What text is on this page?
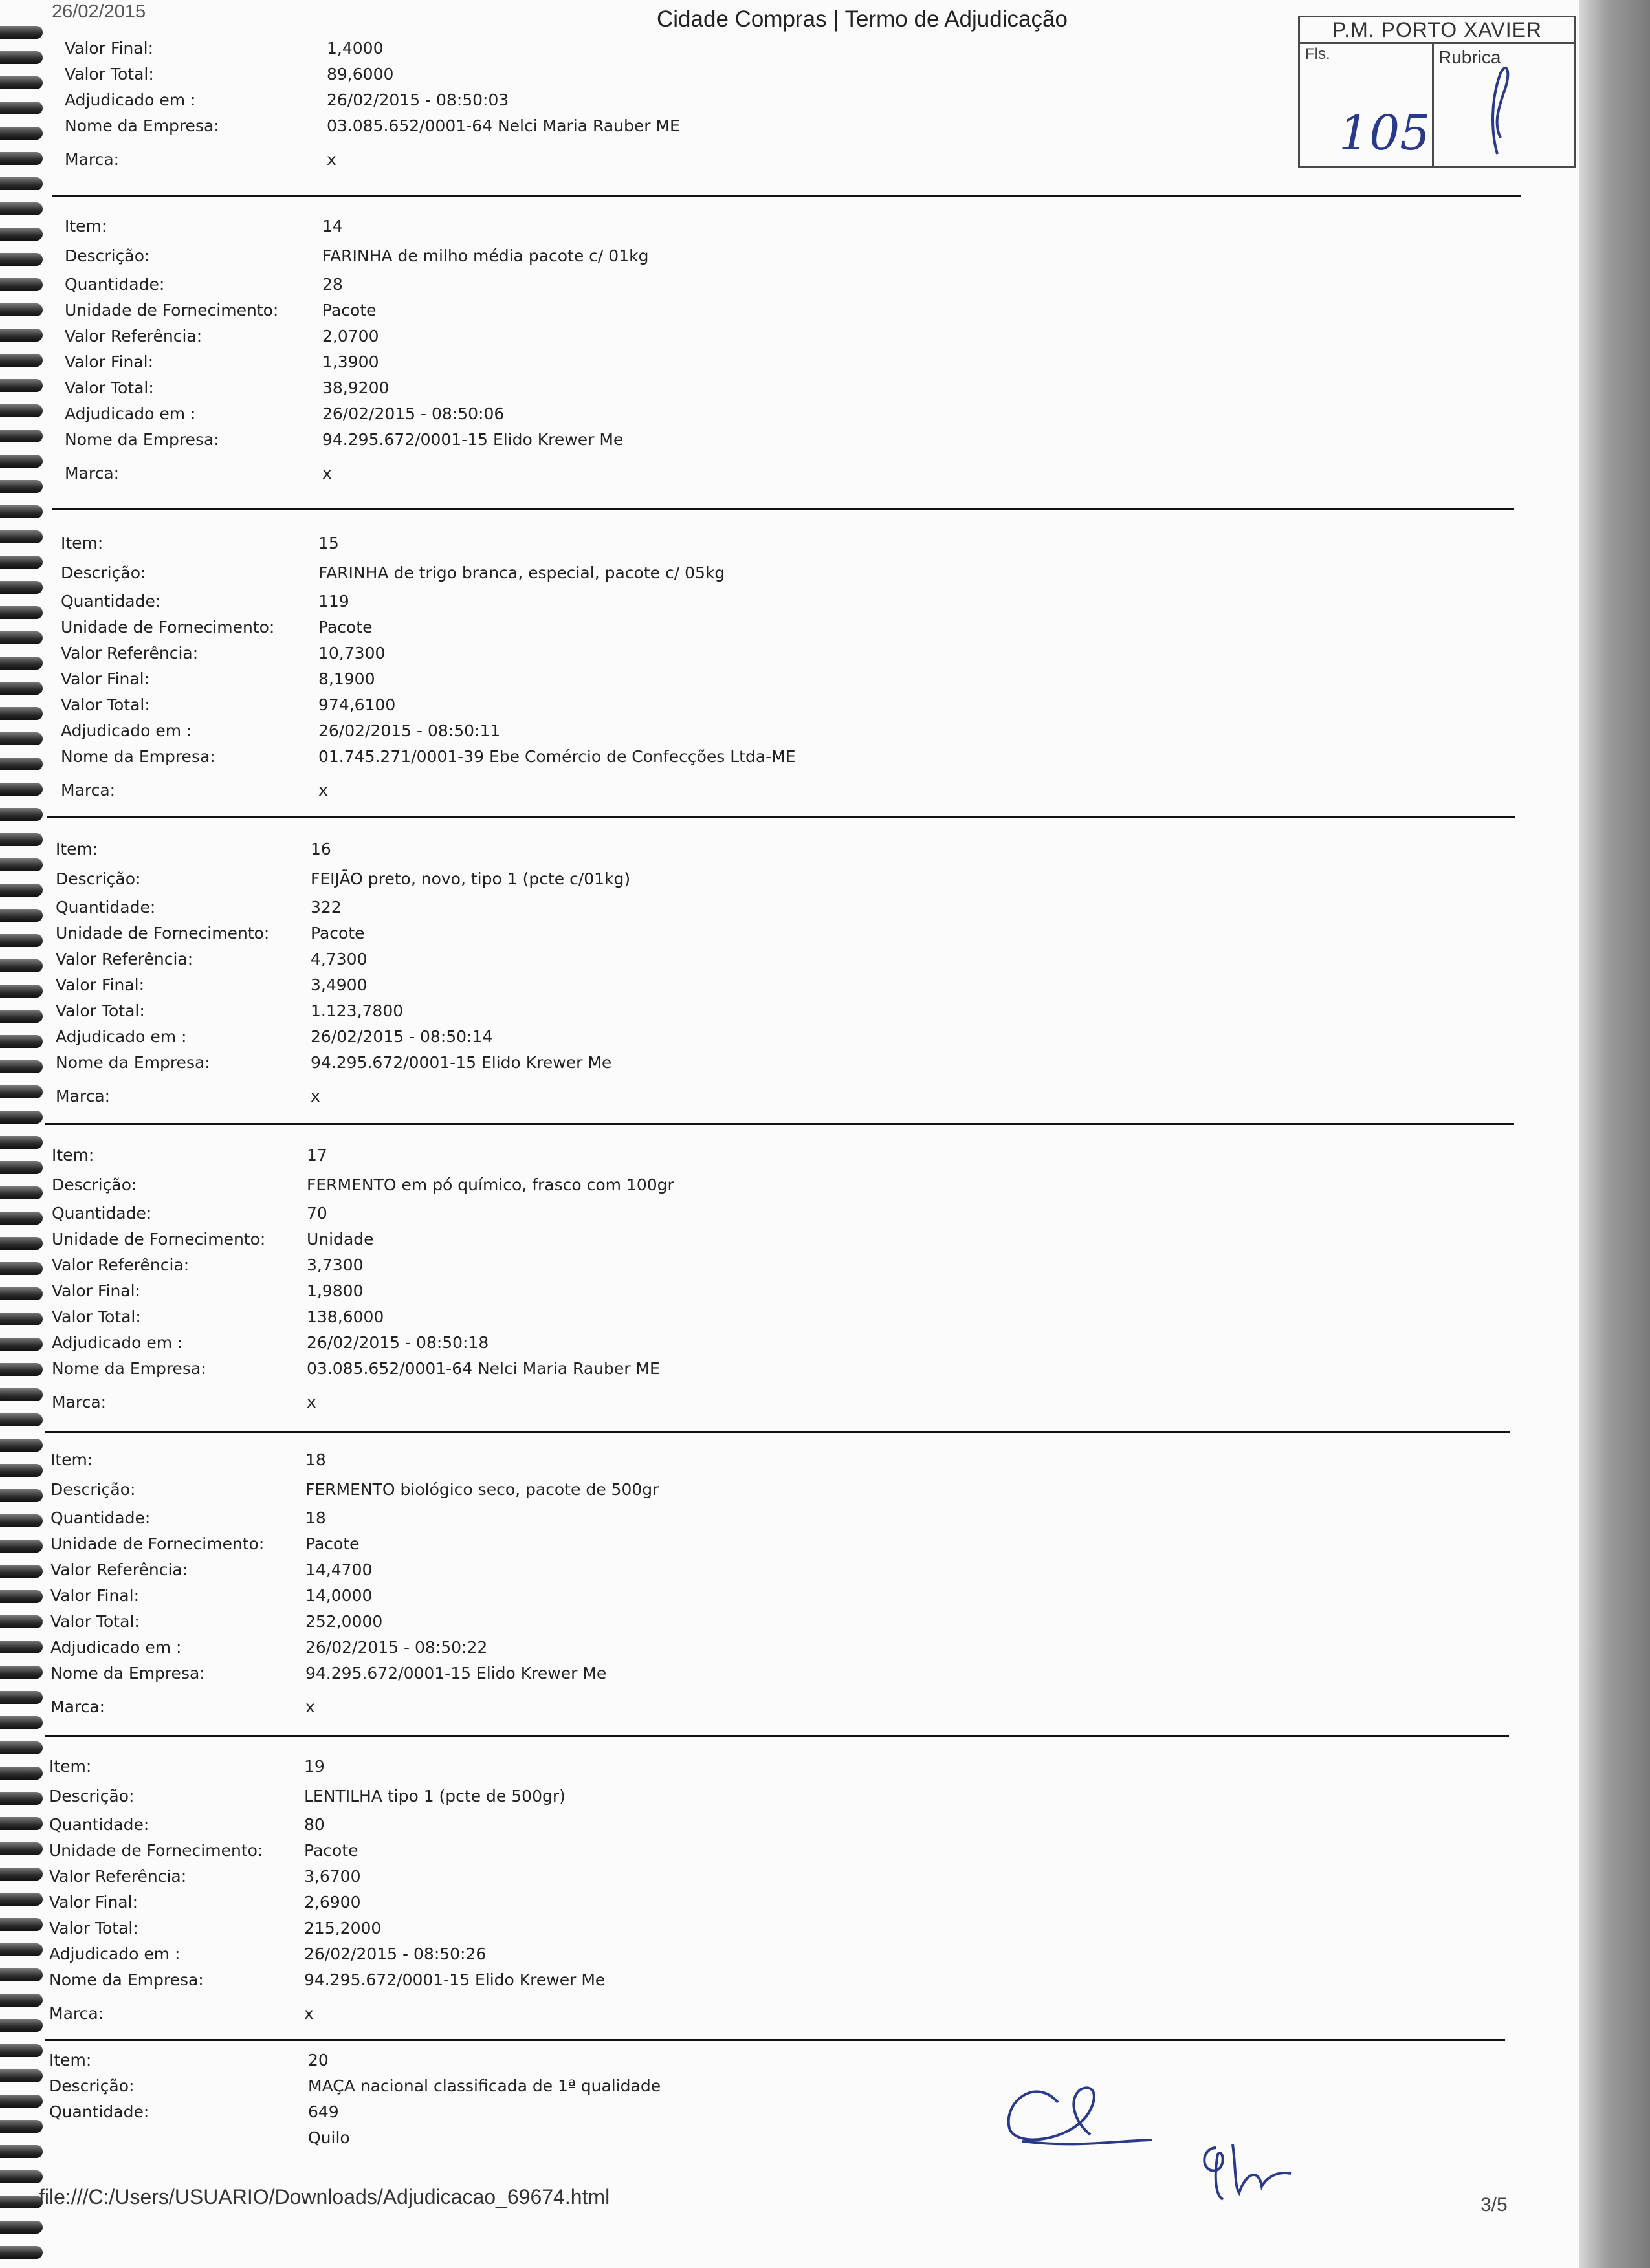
26/02/2015	Cidade Compras | Termo de Adjudicação	P.M. PORTO XAVIER
Fls.
105
Rubrica
Valor Final:	1,4000
Valor Total:	89,6000
Adjudicado em :	26/02/2015 - 08:50:03
Nome da Empresa:	03.085.652/0001-64 Nelci Maria Rauber ME
Marca:	x
Item:	14
Descrição:	FARINHA de milho média pacote c/ 01kg
Quantidade:	28
Unidade de Fornecimento:	Pacote
Valor Referência:	2,0700
Valor Final:	1,3900
Valor Total:	38,9200
Adjudicado em :	26/02/2015 - 08:50:06
Nome da Empresa:	94.295.672/0001-15 Elido Krewer Me
Marca:	x
Item:	15
Descrição:	FARINHA de trigo branca, especial, pacote c/ 05kg
Quantidade:	119
Unidade de Fornecimento:	Pacote
Valor Referência:	10,7300
Valor Final:	8,1900
Valor Total:	974,6100
Adjudicado em :	26/02/2015 - 08:50:11
Nome da Empresa:	01.745.271/0001-39 Ebe Comércio de Confecções Ltda-ME
Marca:	x
Item:	16
Descrição:	FEIJÃO preto, novo, tipo 1 (pcte c/01kg)
Quantidade:	322
Unidade de Fornecimento:	Pacote
Valor Referência:	4,7300
Valor Final:	3,4900
Valor Total:	1.123,7800
Adjudicado em :	26/02/2015 - 08:50:14
Nome da Empresa:	94.295.672/0001-15 Elido Krewer Me
Marca:	x
Item:	17
Descrição:	FERMENTO em pó químico, frasco com 100gr
Quantidade:	70
Unidade de Fornecimento:	Unidade
Valor Referência:	3,7300
Valor Final:	1,9800
Valor Total:	138,6000
Adjudicado em :	26/02/2015 - 08:50:18
Nome da Empresa:	03.085.652/0001-64 Nelci Maria Rauber ME
Marca:	x
Item:	18
Descrição:	FERMENTO biológico seco, pacote de 500gr
Quantidade:	18
Unidade de Fornecimento:	Pacote
Valor Referência:	14,4700
Valor Final:	14,0000
Valor Total:	252,0000
Adjudicado em :	26/02/2015 - 08:50:22
Nome da Empresa:	94.295.672/0001-15 Elido Krewer Me
Marca:	x
Item:	19
Descrição:	LENTILHA tipo 1 (pcte de 500gr)
Quantidade:	80
Unidade de Fornecimento:	Pacote
Valor Referência:	3,6700
Valor Final:	2,6900
Valor Total:	215,2000
Adjudicado em :	26/02/2015 - 08:50:26
Nome da Empresa:	94.295.672/0001-15 Elido Krewer Me
Marca:	x
Item:	20
Descrição:	MAÇA nacional classificada de 1ª qualidade
Quantidade:	649
Quilo
file:///C:/Users/USUARIO/Downloads/Adjudicacao_69674.html	3/5
